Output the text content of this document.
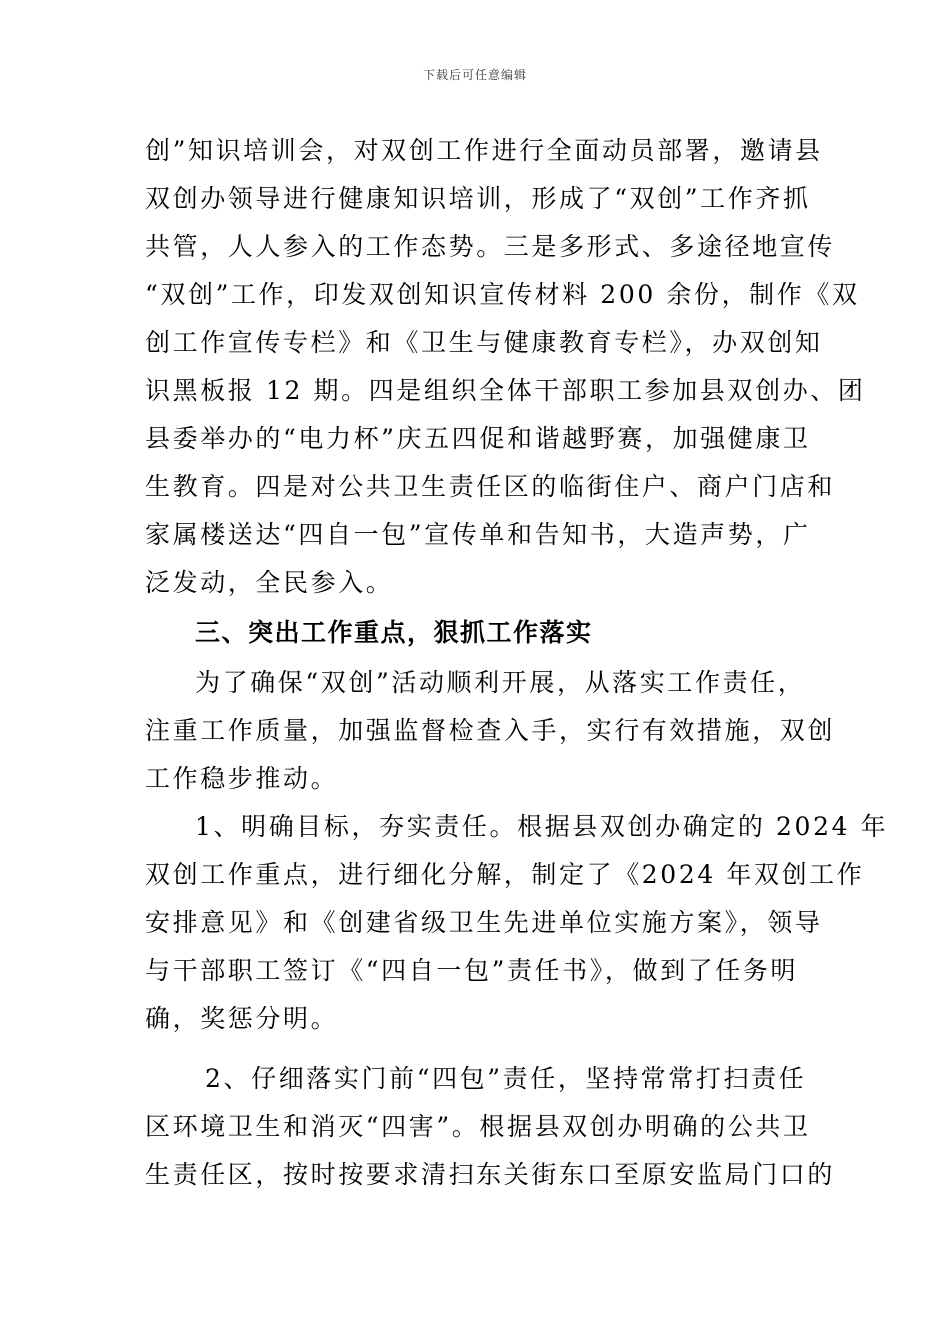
下载后可任意编辑
创”知识培训会，对双创工作进行全面动员部署，邀请县
双创办领导进行健康知识培训，形成了“双创”工作齐抓
共管，人人参入的工作态势。三是多形式、多途径地宣传
“双创”工作，印发双创知识宣传材料 200 余份，制作《双
创工作宣传专栏》和《卫生与健康教育专栏》，办双创知
识黑板报 12 期。四是组织全体干部职工参加县双创办、团
县委举办的“电力杯”庆五四促和谐越野赛，加强健康卫
生教育。四是对公共卫生责任区的临街住户、商户门店和
家属楼送达“四自一包”宣传单和告知书，大造声势，广
泛发动，全民参入。
三、突出工作重点，狠抓工作落实
为了确保“双创”活动顺利开展，从落实工作责任，
注重工作质量，加强监督检查入手，实行有效措施，双创
工作稳步推动。
1、明确目标，夯实责任。根据县双创办确定的 2024 年
双创工作重点，进行细化分解，制定了《2024 年双创工作
安排意见》和《创建省级卫生先进单位实施方案》，领导
与干部职工签订《“四自一包”责任书》，做到了任务明
确，奖惩分明。
2、仔细落实门前“四包”责任，坚持常常打扫责任
区环境卫生和消灭“四害”。根据县双创办明确的公共卫
生责任区，按时按要求清扫东关街东口至原安监局门口的
